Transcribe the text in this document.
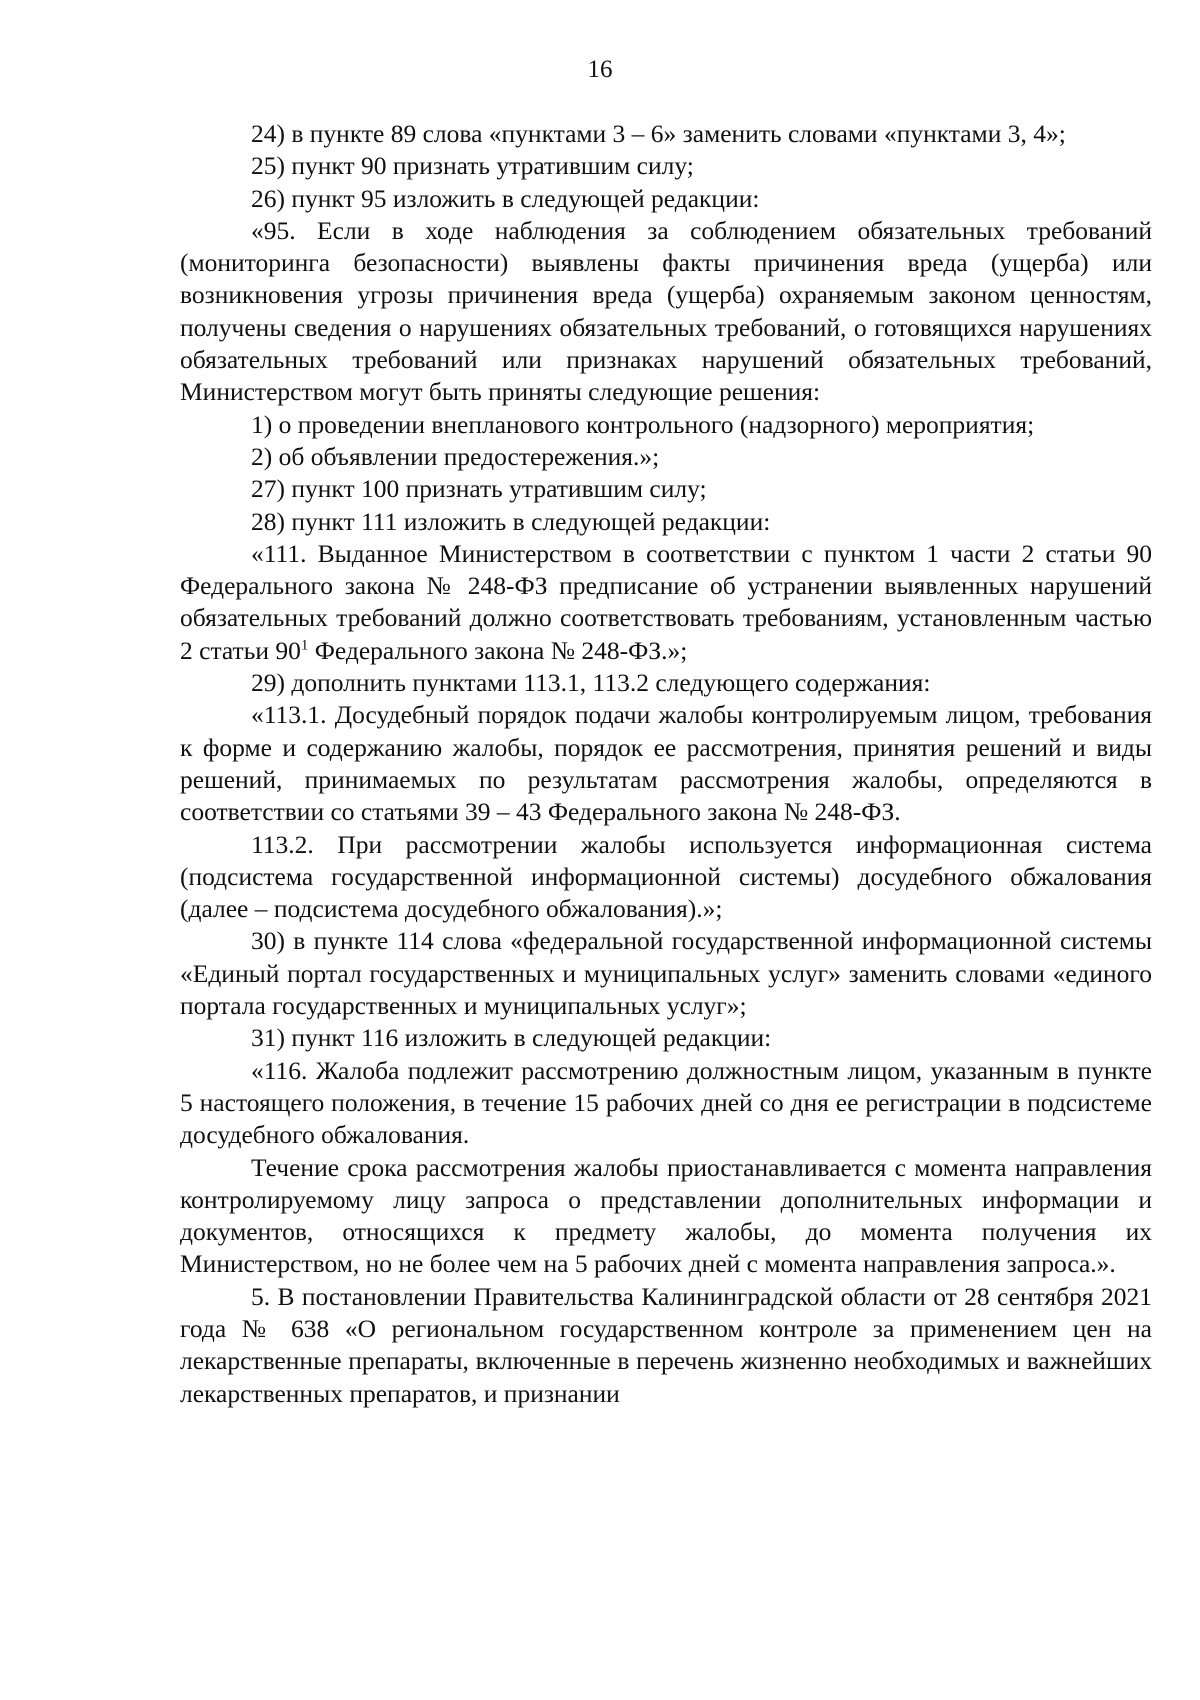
16

24) в пункте 89 слова «пунктами 3 – 6» заменить словами «пунктами 3, 4»;

25) пункт 90 признать утратившим силу;

26) пункт 95 изложить в следующей редакции:

«95. Если в ходе наблюдения за соблюдением обязательных требований (мониторинга безопасности) выявлены факты причинения вреда (ущерба) или возникновения угрозы причинения вреда (ущерба) охраняемым законом ценностям, получены сведения о нарушениях обязательных требований, о готовящихся нарушениях обязательных требований или признаках нарушений обязательных требований, Министерством могут быть приняты следующие решения:

1) о проведении внепланового контрольного (надзорного) мероприятия;

2) об объявлении предостережения.»;

27) пункт 100 признать утратившим силу;

28) пункт 111 изложить в следующей редакции:

«111. Выданное Министерством в соответствии с пунктом 1 части 2 статьи 90 Федерального закона № 248-ФЗ предписание об устранении выявленных нарушений обязательных требований должно соответствовать требованиям, установленным частью 2 статьи $90^1$ Федерального закона № 248-ФЗ.»;

29) дополнить пунктами 113.1, 113.2 следующего содержания:

«113.1. Досудебный порядок подачи жалобы контролируемым лицом, требования к форме и содержанию жалобы, порядок ее рассмотрения, принятия решений и виды решений, принимаемых по результатам рассмотрения жалобы, определяются в соответствии со статьями 39 – 43 Федерального закона № 248-ФЗ.

113.2. При рассмотрении жалобы используется информационная система (подсистема государственной информационной системы) досудебного обжалования (далее – подсистема досудебного обжалования).»;

30) в пункте 114 слова «федеральной государственной информационной системы «Единый портал государственных и муниципальных услуг» заменить словами «единого портала государственных и муниципальных услуг»;

31) пункт 116 изложить в следующей редакции:

«116. Жалоба подлежит рассмотрению должностным лицом, указанным в пункте 5 настоящего положения, в течение 15 рабочих дней со дня ее регистрации в подсистеме досудебного обжалования.

Течение срока рассмотрения жалобы приостанавливается с момента направления контролируемому лицу запроса о представлении дополнительных информации и документов, относящихся к предмету жалобы, до момента получения их Министерством, но не более чем на 5 рабочих дней с момента направления запроса.».

5. В постановлении Правительства Калининградской области от 28 сентября 2021 года № 638 «О региональном государственном контроле за применением цен на лекарственные препараты, включенные в перечень жизненно необходимых и важнейших лекарственных препаратов, и признании
